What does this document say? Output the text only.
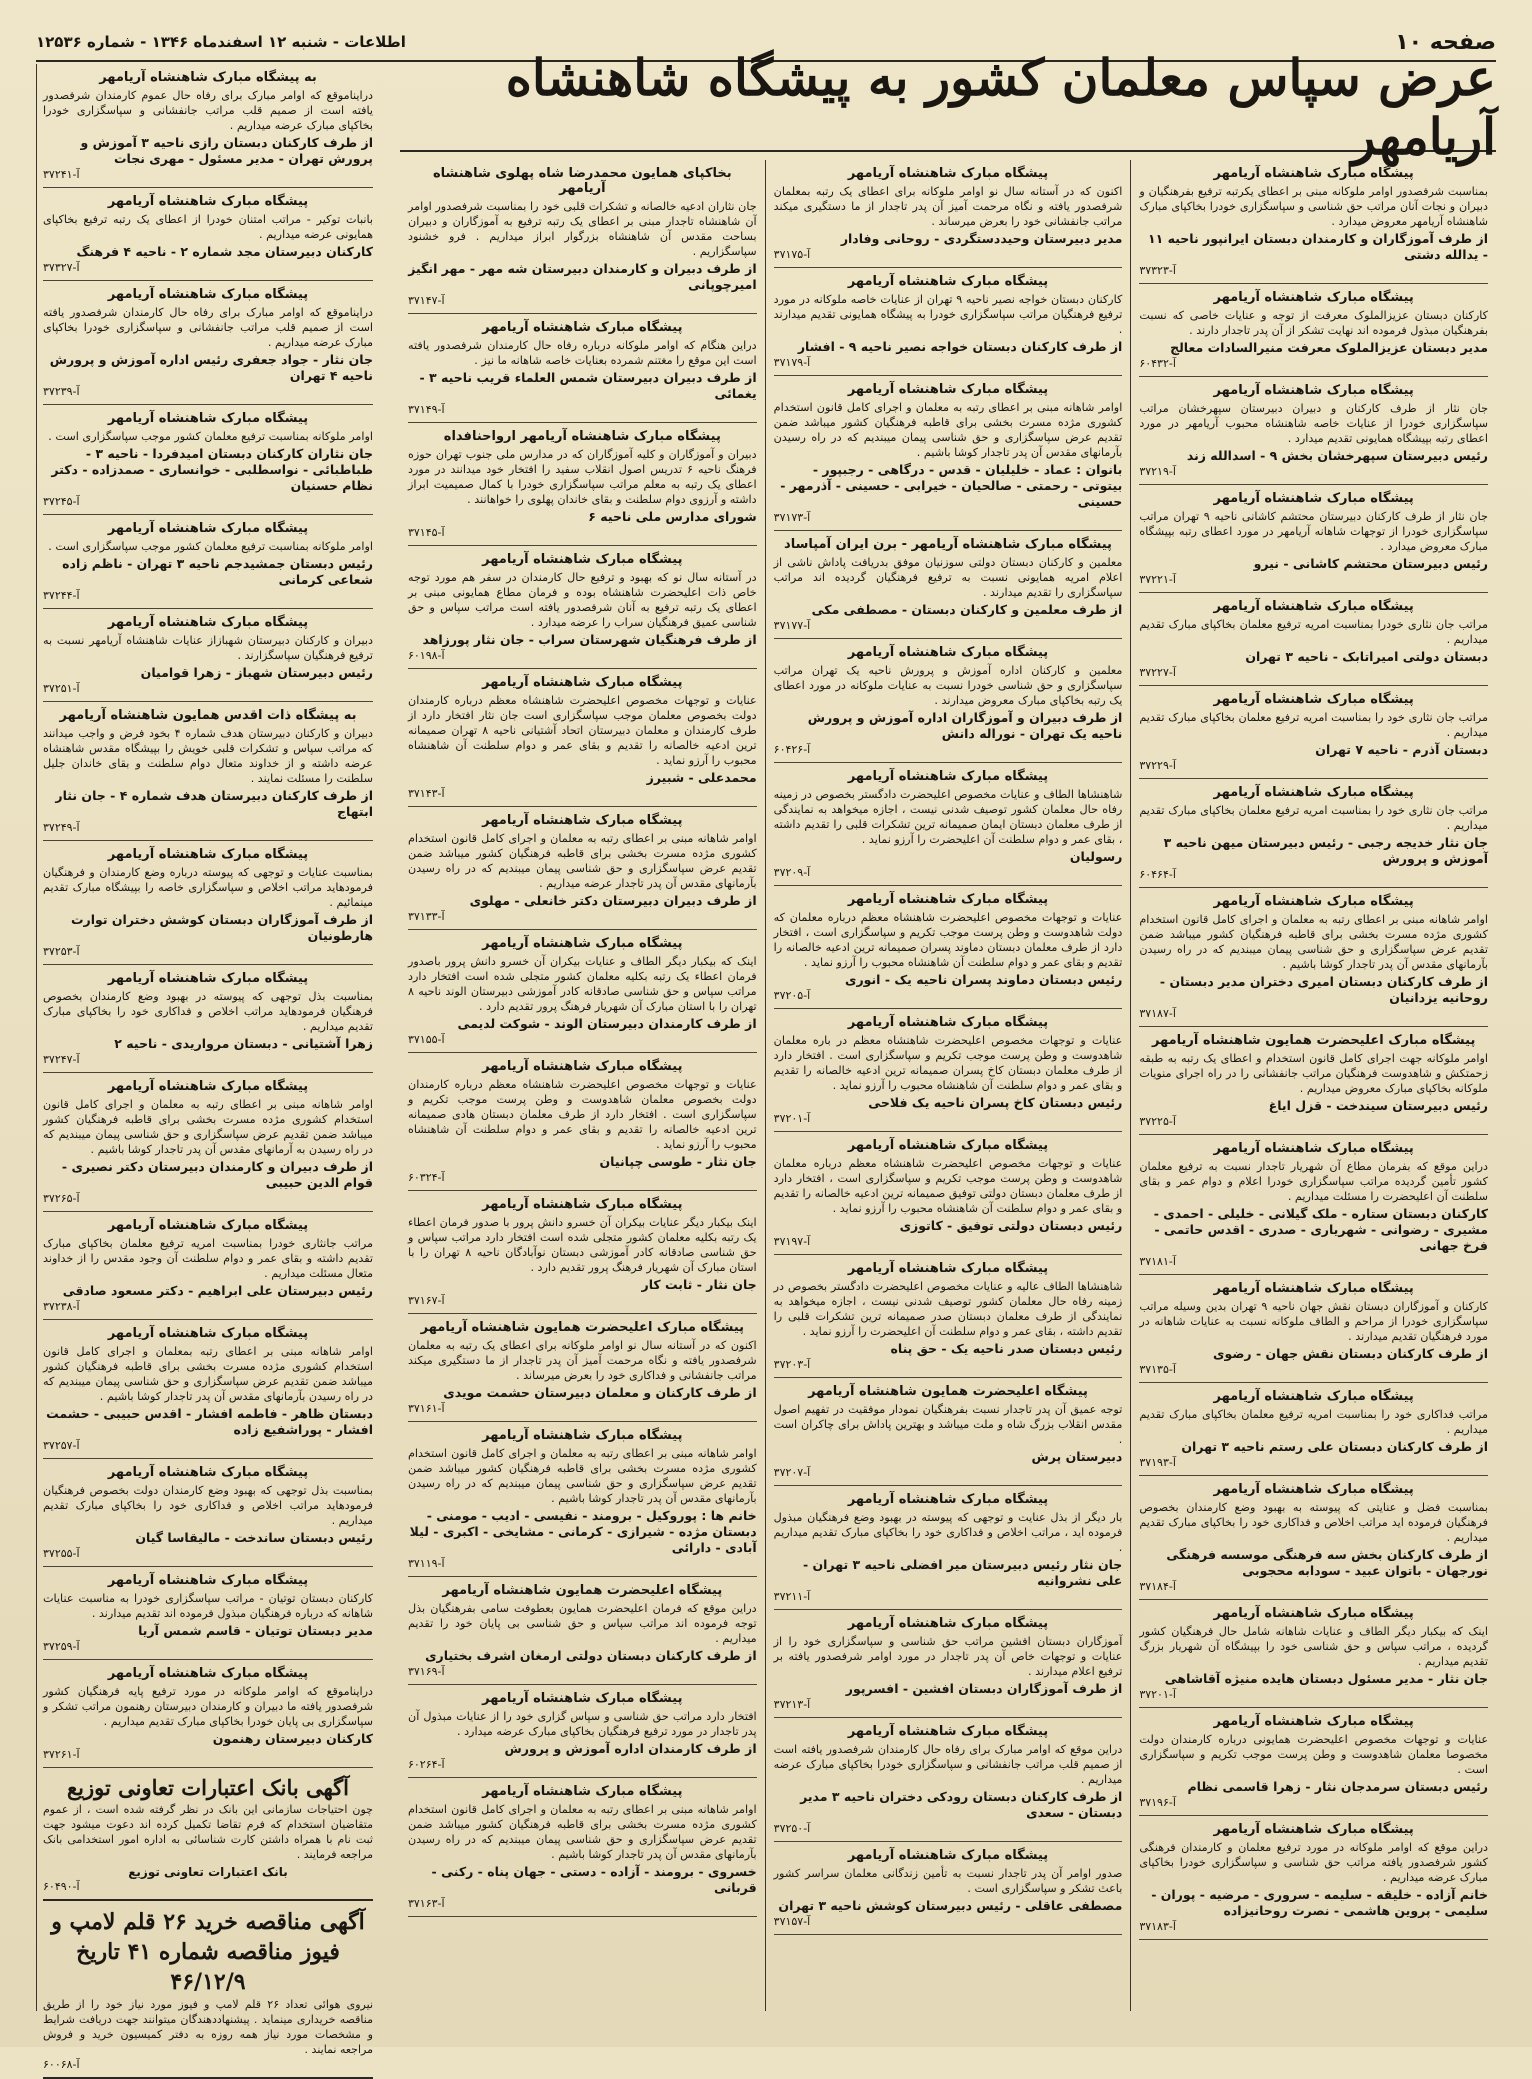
صفحه ۱۰
اطلاعات - شنبه ۱۲ اسفندماه ۱۳۴۶ - شماره ۱۲۵۳۶
عرض سپاس معلمان کشور به پیشگاه شاهنشاه آریامهر
پیشگاه مبارک شاهنشاه آریامهر
بمناسبت شرفصدور اوامر ملوکانه مبنی بر اعطای یکرتبه ترفیع بفرهنگیان و دبیران و نجات آنان مراتب حق شناسی و سپاسگزاری خودرا بخاکپای مبارک شاهنشاه آریامهر معروض میدارد .
از طرف آموزگاران و کارمندان دبستان ایرانپور ناحیه ۱۱ - یدالله دشتی
آ-۳۷۳۲۳
پیشگاه مبارک شاهنشاه آریامهر
کارکنان دبستان عزیزالملوک معرفت از توجه و عنایات خاصی که نسبت بفرهنگیان مبذول فرموده اند نهایت تشکر از آن پدر تاجدار دارند .
مدیر دبستان عزیزالملوک معرفت منیرالسادات معالج
آ-۶۰۴۳۲
پیشگاه مبارک شاهنشاه آریامهر
جان نثار از طرف کارکنان و دبیران دبیرستان سپهرخشان مراتب سپاسگزاری خودرا از عنایات خاصه شاهنشاه محبوب آریامهر در مورد اعطای رتبه بپیشگاه همایونی تقدیم میدارد .
رئیس دبیرستان سپهرخشان بخش ۹ - اسدالله زند
آ-۳۷۲۱۹
پیشگاه مبارک شاهنشاه آریامهر
جان نثار از طرف کارکنان دبیرستان محتشم کاشانی ناحیه ۹ تهران مراتب سپاسگزاری خودرا از توجهات شاهانه آریامهر در مورد اعطای رتبه بپیشگاه مبارک معروض میدارد .
رئیس دبیرستان محتشم کاشانی - نیرو
آ-۳۷۲۲۱
پیشگاه مبارک شاهنشاه آریامهر
مراتب جان نثاری خودرا بمناسبت امریه ترفیع معلمان بخاکپای مبارک تقدیم میداریم .
دبستان دولتی امیراتابک - ناحیه ۳ تهران
آ-۳۷۲۲۷
پیشگاه مبارک شاهنشاه آریامهر
مراتب جان نثاری خود را بمناسبت امریه ترفیع معلمان بخاکپای مبارک تقدیم میداریم .
دبستان آذرم - ناحیه ۷ تهران
آ-۳۷۲۲۹
پیشگاه مبارک شاهنشاه آریامهر
مراتب جان نثاری خود را بمناسبت امریه ترفیع معلمان بخاکپای مبارک تقدیم میداریم .
جان نثار خدیجه رجبی - رئیس دبیرستان میهن ناحیه ۳ آموزش و پرورش
آ-۶۰۴۶۴
پیشگاه مبارک شاهنشاه آریامهر
اوامر شاهانه مبنی بر اعطای رتبه به معلمان و اجرای کامل قانون استخدام کشوری مژده مسرت بخشی برای قاطبه فرهنگیان کشور میباشد ضمن تقدیم عرض سپاسگزاری و حق شناسی پیمان میبندیم که در راه رسیدن بآرمانهای مقدس آن پدر تاجدار کوشا باشیم .
از طرف کارکنان دبستان امیری دختران مدیر دبستان - روحانیه یزدانیان
آ-۳۷۱۸۷
پیشگاه مبارک اعلیحضرت همایون شاهنشاه آریامهر
اوامر ملوکانه جهت اجرای کامل قانون استخدام و اعطای یک رتبه به طبقه زحمتکش و شاهدوست فرهنگیان مراتب جانفشانی را در راه اجرای منویات ملوکانه بخاکپای مبارک معروض میداریم .
رئیس دبیرستان سیندخت - قزل ایاغ
آ-۳۷۲۲۵
پیشگاه مبارک شاهنشاه آریامهر
دراین موقع که بفرمان مطاع آن شهریار تاجدار نسبت به ترفیع معلمان کشور تأمین گردیده مراتب سپاسگزاری خودرا اعلام و دوام عمر و بقای سلطنت آن اعلیحضرت را مسئلت میداریم .
کارکنان دبستان ستاره - ملک گیلانی - خلیلی - احمدی - مشیری - رضوانی - شهریاری - صدری - اقدس حاتمی - فرخ جهانی
آ-۳۷۱۸۱
پیشگاه مبارک شاهنشاه آریامهر
کارکنان و آموزگاران دبستان نقش جهان ناحیه ۹ تهران بدین وسیله مراتب سپاسگزاری خودرا از مراحم و الطاف ملوکانه نسبت به عنایات شاهانه در مورد فرهنگیان تقدیم میدارند .
از طرف کارکنان دبستان نقش جهان - رضوی
آ-۳۷۱۳۵
پیشگاه مبارک شاهنشاه آریامهر
مراتب فداکاری خود را بمناسبت امریه ترفیع معلمان بخاکپای مبارک تقدیم میداریم .
از طرف کارکنان دبستان علی رستم ناحیه ۳ تهران
آ-۳۷۱۹۳
پیشگاه مبارک شاهنشاه آریامهر
بمناسبت فضل و عنایتی که پیوسته به بهبود وضع کارمندان بخصوص فرهنگیان فرموده اید مراتب اخلاص و فداکاری خود را بخاکپای مبارک تقدیم میداریم .
از طرف کارکنان بخش سه فرهنگی موسسه فرهنگی نورجهان - باتوان عبید - سودابه محجوبی
آ-۳۷۱۸۴
پیشگاه مبارک شاهنشاه آریامهر
اینک که بیکبار دیگر الطاف و عنایات شاهانه شامل حال فرهنگیان کشور گردیده ، مراتب سپاس و حق شناسی خود را بپیشگاه آن شهریار بزرگ تقدیم میداریم .
جان نثار - مدیر مسئول دبستان هایده منیژه آقاشاهی
آ-۳۷۲۰۱
پیشگاه مبارک شاهنشاه آریامهر
عنایات و توجهات مخصوص اعلیحضرت همایونی درباره کارمندان دولت مخصوصا معلمان شاهدوست و وطن پرست موجب تکریم و سپاسگزاری است .
رئیس دبستان سرمدجان نثار - زهرا قاسمی نظام
آ-۳۷۱۹۶
پیشگاه مبارک شاهنشاه آریامهر
دراین موقع که اوامر ملوکانه در مورد ترفیع معلمان و کارمندان فرهنگی کشور شرفصدور یافته مراتب حق شناسی و سپاسگزاری خودرا بخاکپای مبارک عرضه میداریم .
خانم آزاده - خلیقه - سلیمه - سروری - مرضیه - پوران - سلیمی - پروین هاشمی - نصرت روحانیزاده
آ-۳۷۱۸۳
پیشگاه مبارک شاهنشاه آریامهر
اکنون که در آستانه سال نو اوامر ملوکانه برای اعطای یک رتبه بمعلمان شرفصدور یافته و نگاه مرحمت آمیز آن پدر تاجدار از ما دستگیری میکند مراتب جانفشانی خود را بعرض میرساند .
مدیر دبیرستان وحیددستگردی - روحانی وفادار
آ-۳۷۱۷۵
پیشگاه مبارک شاهنشاه آریامهر
کارکنان دبستان خواجه نصیر ناحیه ۹ تهران از عنایات خاصه ملوکانه در مورد ترفیع فرهنگیان مراتب سپاسگزاری خودرا به پیشگاه همایونی تقدیم میدارند .
از طرف کارکنان دبستان خواجه نصیر ناحیه ۹ - افشار
آ-۳۷۱۷۹
پیشگاه مبارک شاهنشاه آریامهر
اوامر شاهانه مبنی بر اعطای رتبه به معلمان و اجرای کامل قانون استخدام کشوری مژده مسرت بخشی برای قاطبه فرهنگیان کشور میباشد ضمن تقدیم عرض سپاسگزاری و حق شناسی پیمان میبندیم که در راه رسیدن بآرمانهای مقدس آن پدر تاجدار کوشا باشیم .
بانوان : عماد - خلیلیان - قدس - درگاهی - رجبپور - بیتوتی - رحمتی - صالحیان - خیرابی - حسینی - آذرمهر - حسینی
آ-۳۷۱۷۳
پیشگاه مبارک شاهنشاه آریامهر - برن ایران آمپاساد
معلمین و کارکنان دبستان دولتی سوزنیان موفق بدریافت پاداش ناشی از اعلام امریه همایونی نسبت به ترفیع فرهنگیان گردیده اند مراتب سپاسگزاری را تقدیم میدارند .
از طرف معلمین و کارکنان دبستان - مصطفی مکی
آ-۳۷۱۷۷
پیشگاه مبارک شاهنشاه آریامهر
معلمین و کارکنان اداره آموزش و پرورش ناحیه یک تهران مراتب سپاسگزاری و حق شناسی خودرا نسبت به عنایات ملوکانه در مورد اعطای یک رتبه بخاکپای مبارک معروض میدارند .
از طرف دبیران و آموزگاران اداره آموزش و پرورش ناحیه یک تهران - نوراله دانش
آ-۶۰۴۲۶
پیشگاه مبارک شاهنشاه آریامهر
شاهنشاها الطاف و عنایات مخصوص اعلیحضرت دادگستر بخصوص در زمینه رفاه حال معلمان کشور توصیف شدنی نیست ، اجازه میخواهد به نمایندگی از طرف معلمان دبستان ایمان صمیمانه ترین تشکرات قلبی را تقدیم داشته ، بقای عمر و دوام سلطنت آن اعلیحضرت را آرزو نماید .
رسولیان
آ-۳۷۲۰۹
پیشگاه مبارک شاهنشاه آریامهر
عنایات و توجهات مخصوص اعلیحضرت شاهنشاه معظم درباره معلمان که دولت شاهدوست و وطن پرست موجب تکریم و سپاسگزاری است ، افتخار دارد از طرف معلمان دبستان دماوند پسران صمیمانه ترین ادعیه خالصانه را تقدیم و بقای عمر و دوام سلطنت آن شاهنشاه محبوب را آرزو نماید .
رئیس دبستان دماوند پسران ناحیه یک - انوری
آ-۳۷۲۰۵
پیشگاه مبارک شاهنشاه آریامهر
عنایات و توجهات مخصوص اعلیحضرت شاهنشاه معظم در باره معلمان شاهدوست و وطن پرست موجب تکریم و سپاسگزاری است . افتخار دارد از طرف معلمان دبستان کاخ پسران صمیمانه ترین ادعیه خالصانه را تقدیم و بقای عمر و دوام سلطنت آن شاهنشاه محبوب را آرزو نماید .
رئیس دبستان کاخ پسران ناحیه یک فلاحی
آ-۳۷۲۰۱
پیشگاه مبارک شاهنشاه آریامهر
عنایات و توجهات مخصوص اعلیحضرت شاهنشاه معظم درباره معلمان شاهدوست و وطن پرست موجب تکریم و سپاسگزاری است ، افتخار دارد از طرف معلمان دبستان دولتی توفیق صمیمانه ترین ادعیه خالصانه را تقدیم و بقای عمر و دوام سلطنت آن شاهنشاه محبوب را آرزو نماید .
رئیس دبستان دولتی توفیق - کاتوزی
آ-۳۷۱۹۷
پیشگاه مبارک شاهنشاه آریامهر
شاهنشاها الطاف عالیه و عنایات مخصوص اعلیحضرت دادگستر بخصوص در زمینه رفاه حال معلمان کشور توصیف شدنی نیست ، اجازه میخواهد به نمایندگی از طرف معلمان دبستان صدر صمیمانه ترین تشکرات قلبی را تقدیم داشته ، بقای عمر و دوام سلطنت آن اعلیحضرت را آرزو نماید .
رئیس دبستان صدر ناحیه یک - حق پناه
آ-۳۷۲۰۳
پیشگاه اعلیحضرت همایون شاهنشاه آریامهر
توجه عمیق آن پدر تاجدار نسبت بفرهنگیان نمودار موفقیت در تفهیم اصول مقدس انقلاب بزرگ شاه و ملت میباشد و بهترین پاداش برای چاکران است .
دبیرستان پرش
آ-۳۷۲۰۷
پیشگاه مبارک شاهنشاه آریامهر
بار دیگر از بذل عنایت و توجهی که پیوسته در بهبود وضع فرهنگیان مبذول فرموده اید ، مراتب اخلاص و فداکاری خود را بخاکپای مبارک تقدیم میداریم .
جان نثار رئیس دبیرستان میر افضلی ناحیه ۳ تهران - علی نشروانیه
آ-۳۷۲۱۱
پیشگاه مبارک شاهنشاه آریامهر
آموزگاران دبستان افشین مراتب حق شناسی و سپاسگزاری خود را از عنایات و توجهات خاص آن پدر تاجدار در مورد اوامر شرفصدور یافته بر ترفیع اعلام میدارند .
از طرف آموزگاران دبستان افشین - افسرپور
آ-۳۷۲۱۳
پیشگاه مبارک شاهنشاه آریامهر
دراین موقع که اوامر مبارک برای رفاه حال کارمندان شرفصدور یافته است از صمیم قلب مراتب جانفشانی و سپاسگزاری خودرا بخاکپای مبارک عرضه میداریم .
از طرف کارکنان دبستان رودکی دختران ناحیه ۳ مدیر دبستان - سعدی
آ-۳۷۲۵۰
پیشگاه مبارک شاهنشاه آریامهر
صدور اوامر آن پدر تاجدار نسبت به تأمین زندگانی معلمان سراسر کشور باعث تشکر و سپاسگزاری است .
مصطفی عاقلی - رئیس دبیرستان کوشش ناحیه ۳ تهران
آ-۳۷۱۵۷
بخاکپای همایون محمدرضا شاه پهلوی شاهنشاه آریامهر
جان نثاران ادعیه خالصانه و تشکرات قلبی خود را بمناسبت شرفصدور اوامر آن شاهنشاه تاجدار مبنی بر اعطای یک رتبه ترفیع به آموزگاران و دبیران بساحت مقدس آن شاهنشاه بزرگوار ابراز میداریم . فرو خشنود سپاسگزاریم .
از طرف دبیران و کارمندان دبیرستان شه مهر - مهر انگیز امیرچوپانی
آ-۳۷۱۴۷
پیشگاه مبارک شاهنشاه آریامهر
دراین هنگام که اوامر ملوکانه درباره رفاه حال کارمندان شرفصدور یافته است این موقع را مغتنم شمرده بعنایات خاصه شاهانه ما نیز .
از طرف دبیران دبیرستان شمس العلماء قریب ناحیه ۳ - یغمائی
آ-۳۷۱۴۹
پیشگاه مبارک شاهنشاه آریامهر ارواحنافداه
دبیران و آموزگاران و کلیه آموزگاران که در مدارس ملی جنوب تهران حوزه فرهنگ ناحیه ۶ تدریس اصول انقلاب سفید را افتخار خود میدانند در مورد اعطای یک رتبه به معلم مراتب سپاسگزاری خودرا با کمال صمیمیت ابراز داشته و آرزوی دوام سلطنت و بقای خاندان پهلوی را خواهانند .
شورای مدارس ملی ناحیه ۶
آ-۳۷۱۴۵
پیشگاه مبارک شاهنشاه آریامهر
در آستانه سال نو که بهبود و ترفیع حال کارمندان در سفر هم مورد توجه خاص ذات اعلیحضرت شاهنشاه بوده و فرمان مطاع همایونی مبنی بر اعطای یک رتبه ترفیع به آنان شرفصدور یافته است مراتب سپاس و حق شناسی عمیق فرهنگیان سراب را عرضه میدارد .
از طرف فرهنگیان شهرستان سراب - جان نثار پورزاهد
آ-۶۰۱۹۸
پیشگاه مبارک شاهنشاه آریامهر
عنایات و توجهات مخصوص اعلیحضرت شاهنشاه معظم درباره کارمندان دولت بخصوص معلمان موجب سپاسگزاری است جان نثار افتخار دارد از طرف کارمندان و معلمان دبیرستان اتحاد آشتیانی ناحیه ۸ تهران صمیمانه ترین ادعیه خالصانه را تقدیم و بقای عمر و دوام سلطنت آن شاهنشاه محبوب را آرزو نماید .
محمدعلی - شبیرز
آ-۳۷۱۴۳
پیشگاه مبارک شاهنشاه آریامهر
اوامر شاهانه مبنی بر اعطای رتبه به معلمان و اجرای کامل قانون استخدام کشوری مژده مسرت بخشی برای قاطبه فرهنگیان کشور میباشد ضمن تقدیم عرض سپاسگزاری و حق شناسی پیمان میبندیم که در راه رسیدن بآرمانهای مقدس آن پدر تاجدار عرضه میداریم .
از طرف دبیران دبیرستان دکتر خانعلی - مهلوی
آ-۳۷۱۳۳
پیشگاه مبارک شاهنشاه آریامهر
اینک که بیکبار دیگر الطاف و عنایات بیکران آن خسرو دانش پرور باصدور فرمان اعطاء یک رتبه بکلیه معلمان کشور متجلی شده است افتخار دارد مراتب سپاس و حق شناسی صادقانه کادر آموزشی دبیرستان الوند ناحیه ۸ تهران را با استان مبارک آن شهریار فرهنگ پرور تقدیم دارد .
از طرف کارمندان دبیرستان الوند - شوکت لدیمی
آ-۳۷۱۵۵
پیشگاه مبارک شاهنشاه آریامهر
عنایات و توجهات مخصوص اعلیحضرت شاهنشاه معظم درباره کارمندان دولت بخصوص معلمان شاهدوست و وطن پرست موجب تکریم و سپاسگزاری است . افتخار دارد از طرف معلمان دبستان هادی صمیمانه ترین ادعیه خالصانه را تقدیم و بقای عمر و دوام سلطنت آن شاهنشاه محبوب را آرزو نماید .
جان نثار - طوسی چپانیان
آ-۶۰۳۲۴
پیشگاه مبارک شاهنشاه آریامهر
اینک بیکبار دیگر عنایات بیکران آن خسرو دانش پرور با صدور فرمان اعطاء یک رتبه بکلیه معلمان کشور متجلی شده است افتخار دارد مراتب سپاس و حق شناسی صادقانه کادر آموزشی دبستان نوآبادگان ناحیه ۸ تهران را با استان مبارک آن شهریار فرهنگ پرور تقدیم دارد .
جان نثار - ثابت کار
آ-۳۷۱۶۷
پیشگاه مبارک اعلیحضرت همایون شاهنشاه آریامهر
اکنون که در آستانه سال نو اوامر ملوکانه برای اعطای یک رتبه به معلمان شرفصدور یافته و نگاه مرحمت آمیز آن پدر تاجدار از ما دستگیری میکند مراتب جانفشانی و فداکاری خود را بعرض میرساند .
از طرف کارکنان و معلمان دبیرستان حشمت مویدی
آ-۳۷۱۶۱
پیشگاه مبارک شاهنشاه آریامهر
اوامر شاهانه مبنی بر اعطای رتبه به معلمان و اجرای کامل قانون استخدام کشوری مژده مسرت بخشی برای قاطبه فرهنگیان کشور میباشد ضمن تقدیم عرض سپاسگزاری و حق شناسی پیمان میبندیم که در راه رسیدن بآرمانهای مقدس آن پدر تاجدار کوشا باشیم .
خانم ها : پوروکیل - برومند - نفیسی - ادیب - مومنی - دبستان مژده - شیرازی - کرمانی - مشایخی - اکبری - لیلا آبادی - دارائی
آ-۳۷۱۱۹
پیشگاه اعلیحضرت همایون شاهنشاه آریامهر
دراین موقع که فرمان اعلیحضرت همایون بعطوفت سامی بفرهنگیان بذل توجه فرموده اند مراتب سپاس و حق شناسی بی پایان خود را تقدیم میداریم .
از طرف کارکنان دبستان دولتی ارمغان اشرف بختیاری
آ-۳۷۱۶۹
پیشگاه مبارک شاهنشاه آریامهر
افتخار دارد مراتب حق شناسی و سپاس گزاری خود را از عنایات مبذول آن پدر تاجدار در مورد ترفیع فرهنگیان بخاکپای مبارک عرضه میدارد .
از طرف کارمندان اداره آموزش و پرورش
آ-۶۰۲۶۴
پیشگاه مبارک شاهنشاه آریامهر
اوامر شاهانه مبنی بر اعطای رتبه به معلمان و اجرای کامل قانون استخدام کشوری مژده مسرت بخشی برای قاطبه فرهنگیان کشور میباشد ضمن تقدیم عرض سپاسگزاری و حق شناسی پیمان میبندیم که در راه رسیدن بآرمانهای مقدس آن پدر تاجدار کوشا باشیم .
خسروی - برومند - آزاده - دستی - جهان پناه - رکنی - قربانی
آ-۳۷۱۶۳
به پیشگاه مبارک شاهنشاه آریامهر
درایناموقع که اوامر مبارک برای رفاه حال عموم کارمندان شرفصدور یافته است از صمیم قلب مراتب جانفشانی و سپاسگزاری خودرا بخاکپای مبارک عرضه میداریم .
از طرف کارکنان دبستان رازی ناحیه ۳ آموزش و پرورش تهران - مدیر مسئول - مهری نجات
آ-۳۷۲۴۱
پیشگاه مبارک شاهنشاه آریامهر
بانبات توکیر - مراتب امتنان خودرا از اعطای یک رتبه ترفیع بخاکپای همایونی عرضه میداریم .
کارکنان دبیرستان مجد شماره ۲ - ناحیه ۴ فرهنگ
آ-۳۷۳۲۷
پیشگاه مبارک شاهنشاه آریامهر
درایناموقع که اوامر مبارک برای رفاه حال کارمندان شرفصدور یافته است از صمیم قلب مراتب جانفشانی و سپاسگزاری خودرا بخاکپای مبارک عرضه میداریم .
جان نثار - جواد جعفری رئیس اداره آموزش و پرورش ناحیه ۴ تهران
آ-۳۷۲۳۹
پیشگاه مبارک شاهنشاه آریامهر
اوامر ملوکانه بمناسبت ترفیع معلمان کشور موجب سپاسگزاری است .
جان نثاران کارکنان دبستان امیدفردا - ناحیه ۳ - طباطبائی - نواسطلبی - خوانساری - صمدزاده - دکتر نظام حسنیان
آ-۳۷۲۴۵
پیشگاه مبارک شاهنشاه آریامهر
اوامر ملوکانه بمناسبت ترفیع معلمان کشور موجب سپاسگزاری است .
رئیس دبستان جمشیدجم ناحیه ۳ تهران - ناظم زاده شعاعی کرمانی
آ-۳۷۲۴۴
پیشگاه مبارک شاهنشاه آریامهر
دبیران و کارکنان دبیرستان شهبازاز عنایات شاهنشاه آریامهر نسبت به ترفیع فرهنگیان سپاسگزارند .
رئیس دبیرستان شهباز - زهرا قوامیان
آ-۳۷۲۵۱
به پیشگاه ذات اقدس همایون شاهنشاه آریامهر
دبیران و کارکنان دبیرستان هدف شماره ۴ بخود فرض و واجب میدانند که مراتب سپاس و تشکرات قلبی خویش را بپیشگاه مقدس شاهنشاه عرضه داشته و از خداوند متعال دوام سلطنت و بقای خاندان جلیل سلطنت را مسئلت نمایند .
از طرف کارکنان دبیرستان هدف شماره ۴ - جان نثار ابتهاج
آ-۳۷۲۴۹
پیشگاه مبارک شاهنشاه آریامهر
بمناسبت عنایات و توجهی که پیوسته درباره وضع کارمندان و فرهنگیان فرمودهاید مراتب اخلاص و سپاسگزاری خاصه را بپیشگاه مبارک تقدیم مینمائیم .
از طرف آموزگاران دبستان کوشش دختران توارت هارطونیان
آ-۳۷۲۵۳
پیشگاه مبارک شاهنشاه آریامهر
بمناسبت بذل توجهی که پیوسته در بهبود وضع کارمندان بخصوص فرهنگیان فرمودهاید مراتب اخلاص و فداکاری خود را بخاکپای مبارک تقدیم میداریم .
زهرا آشتیانی - دبستان مرواریدی - ناحیه ۲
آ-۳۷۲۴۷
پیشگاه مبارک شاهنشاه آریامهر
اوامر شاهانه مبنی بر اعطای رتبه به معلمان و اجرای کامل قانون استخدام کشوری مژده مسرت بخشی برای قاطبه فرهنگیان کشور میباشد ضمن تقدیم عرض سپاسگزاری و حق شناسی پیمان میبندیم که در راه رسیدن به آرمانهای مقدس آن پدر تاجدار کوشا باشیم .
از طرف دبیران و کارمندان دبیرستان دکتر نصیری - قوام الدین حبیبی
آ-۳۷۲۶۵
پیشگاه مبارک شاهنشاه آریامهر
مراتب جانثاری خودرا بمناسبت امریه ترفیع معلمان بخاکپای مبارک تقدیم داشته و بقای عمر و دوام سلطنت آن وجود مقدس را از خداوند متعال مسئلت میداریم .
رئیس دبیرستان علی ابراهیم - دکتر مسعود صادقی
آ-۳۷۲۳۸
پیشگاه مبارک شاهنشاه آریامهر
اوامر شاهانه مبنی بر اعطای رتبه بمعلمان و اجرای کامل قانون استخدام کشوری مژده مسرت بخشی برای قاطبه فرهنگیان کشور میباشد ضمن تقدیم عرض سپاسگزاری و حق شناسی پیمان میبندیم که در راه رسیدن بآرمانهای مقدس آن پدر تاجدار کوشا باشیم .
دبستان ظاهر - فاطمه افشار - اقدس حبیبی - حشمت افشار - پوراشفیع زاده
آ-۳۷۲۵۷
پیشگاه مبارک شاهنشاه آریامهر
بمناسبت بذل توجهی که بهبود وضع کارمندان دولت بخصوص فرهنگیان فرمودهاید مراتب اخلاص و فداکاری خود را بخاکپای مبارک تقدیم میداریم .
رئیس دبستان ساندخت - مالیقاسا گیان
آ-۳۷۲۵۵
پیشگاه مبارک شاهنشاه آریامهر
کارکنان دبستان توتیان - مراتب سپاسگزاری خودرا به مناسبت عنایات شاهانه که درباره فرهنگیان مبذول فرموده اند تقدیم میدارند .
مدیر دبستان توتیان - قاسم شمس آریا
آ-۳۷۲۵۹
پیشگاه مبارک شاهنشاه آریامهر
درایناموقع که اوامر ملوکانه در مورد ترفیع پایه فرهنگیان کشور شرفصدور یافته ما دبیران و کارمندان دبیرستان رهنمون مراتب تشکر و سپاسگزاری بی پایان خودرا بخاکپای مبارک تقدیم میداریم .
کارکنان دبیرستان رهنمون
آ-۳۷۲۶۱
آگهی بانک اعتبارات تعاونی توزیع
چون احتیاجات سازمانی این بانک در نظر گرفته شده است ، از عموم متقاضیان استخدام که فرم تقاضا تکمیل کرده اند دعوت میشود جهت ثبت نام با همراه داشتن کارت شناسائی به اداره امور استخدامی بانک مراجعه فرمایند .
بانک اعتبارات تعاونی توزیع
آ-۶۰۴۹۰
آگهی مناقصه خرید ۲۶ قلم لامپ و فیوز مناقصه شماره ۴۱ تاریخ ۴۶/۱۲/۹
نیروی هوائی تعداد ۲۶ قلم لامپ و فیوز مورد نیاز خود را از طریق مناقصه خریداری مینماید . پیشنهاددهندگان میتوانند جهت دریافت شرایط و مشخصات مورد نیاز همه روزه به دفتر کمیسیون خرید و فروش مراجعه نمایند .
آ-۶۰۰۶۸
